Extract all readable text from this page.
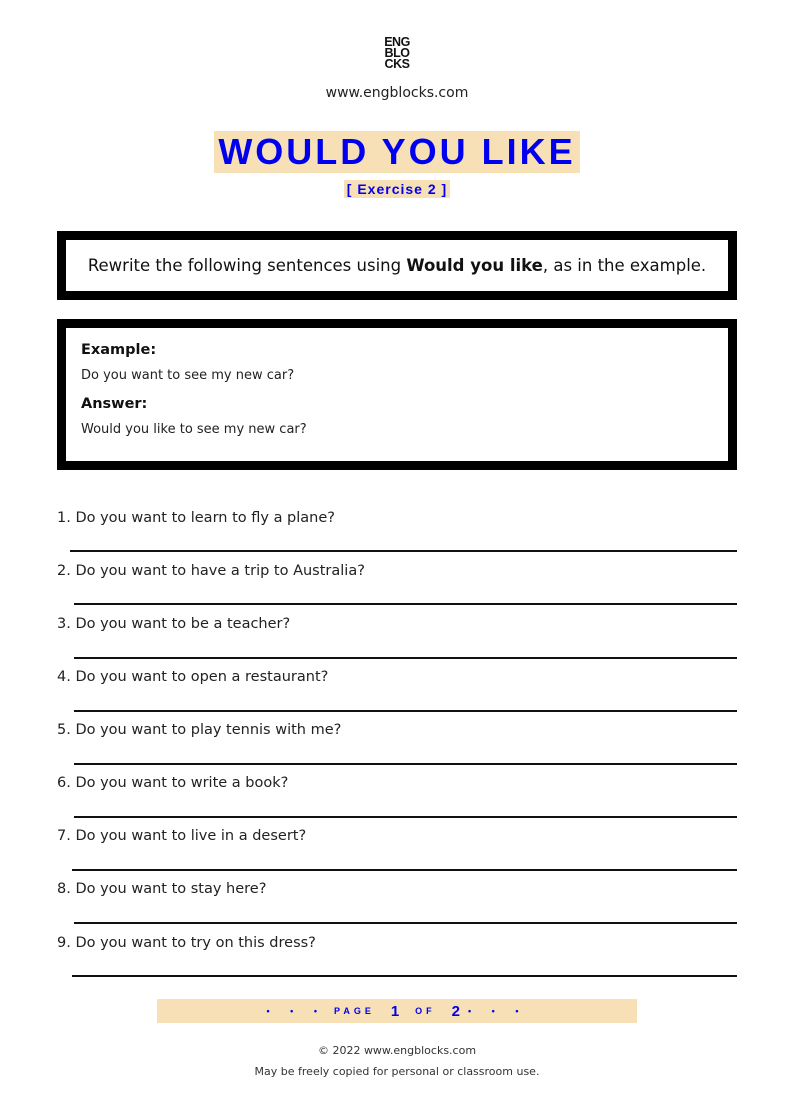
ENG
BLO
CKS
www.engblocks.com
WOULD YOU LIKE
[ Exercise 2 ]

Rewrite the following sentences using Would you like, as in the example.

Example:
Do you want to see my new car?
Answer:
Would you like to see my new car?
1. Do you want to learn to fly a plane?
2. Do you want to have a trip to Australia?
3. Do you want to be a teacher?
4. Do you want to open a restaurant?
5. Do you want to play tennis with me?
6. Do you want to write a book?
7. Do you want to live in a desert?
8. Do you want to stay here?
9. Do you want to try on this dress?
• • • PAGE 1 OF 2 • • •
© 2022 www.engblocks.com
May be freely copied for personal or classroom use.
